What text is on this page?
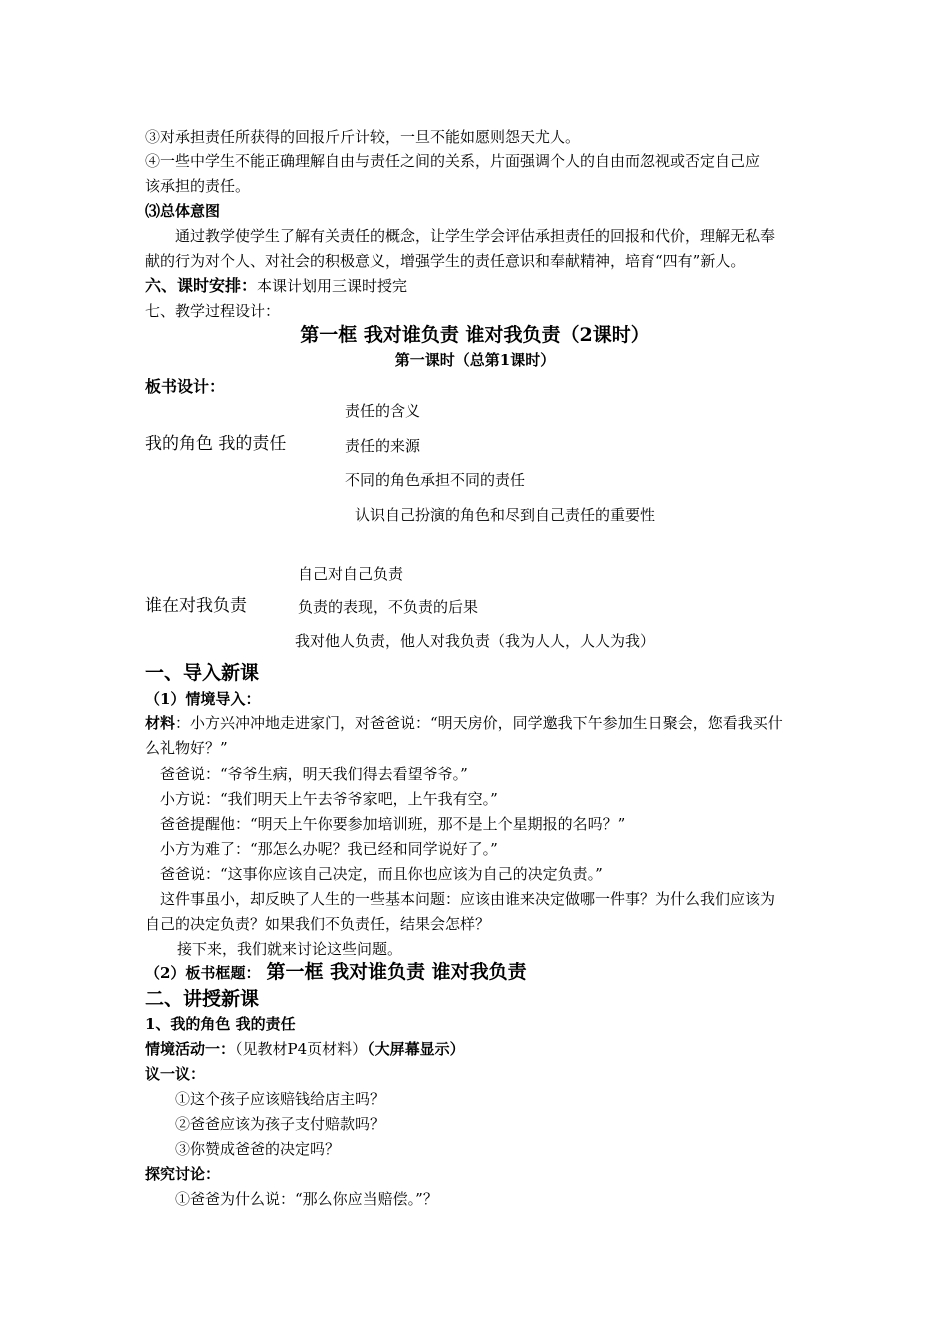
③对承担责任所获得的回报斤斤计较，一旦不能如愿则怨天尤人。
④一些中学生不能正确理解自由与责任之间的关系，片面强调个人的自由而忽视或否定自己应
该承担的责任。
⑶总体意图
通过教学使学生了解有关责任的概念，让学生学会评估承担责任的回报和代价，理解无私奉
献的行为对个人、对社会的积极意义，增强学生的责任意识和奉献精神，培育“四有”新人。
六、课时安排：本课计划用三课时授完
七、教学过程设计：
第一框 我对谁负责 谁对我负责（2课时）
第一课时（总第1课时）
板书设计：
责任的含义
我的角色 我的责任	责任的来源
不同的角色承担不同的责任
认识自己扮演的角色和尽到自己责任的重要性
自己对自己负责
谁在对我负责	负责的表现，不负责的后果
我对他人负责，他人对我负责（我为人人，人人为我）
一、导入新课
（1）情境导入：
材料：小方兴冲冲地走进家门，对爸爸说：“明天房价，同学邀我下午参加生日聚会，您看我买什
么礼物好？”
爸爸说：“爷爷生病，明天我们得去看望爷爷。”
小方说：“我们明天上午去爷爷家吧，上午我有空。”
爸爸提醒他：“明天上午你要参加培训班，那不是上个星期报的名吗？”
小方为难了：“那怎么办呢？我已经和同学说好了。”
爸爸说：“这事你应该自己决定，而且你也应该为自己的决定负责。”
这件事虽小，却反映了人生的一些基本问题：应该由谁来决定做哪一件事？为什么我们应该为
自己的决定负责？如果我们不负责任，结果会怎样？
接下来，我们就来讨论这些问题。
（2）板书框题： 第一框 我对谁负责 谁对我负责
二、讲授新课
1、我的角色 我的责任
情境活动一：（见教材P4页材料）（大屏幕显示）
议一议：
①这个孩子应该赔钱给店主吗？
②爸爸应该为孩子支付赔款吗？
③你赞成爸爸的决定吗？
探究讨论：
①爸爸为什么说：“那么你应当赔偿。”？
